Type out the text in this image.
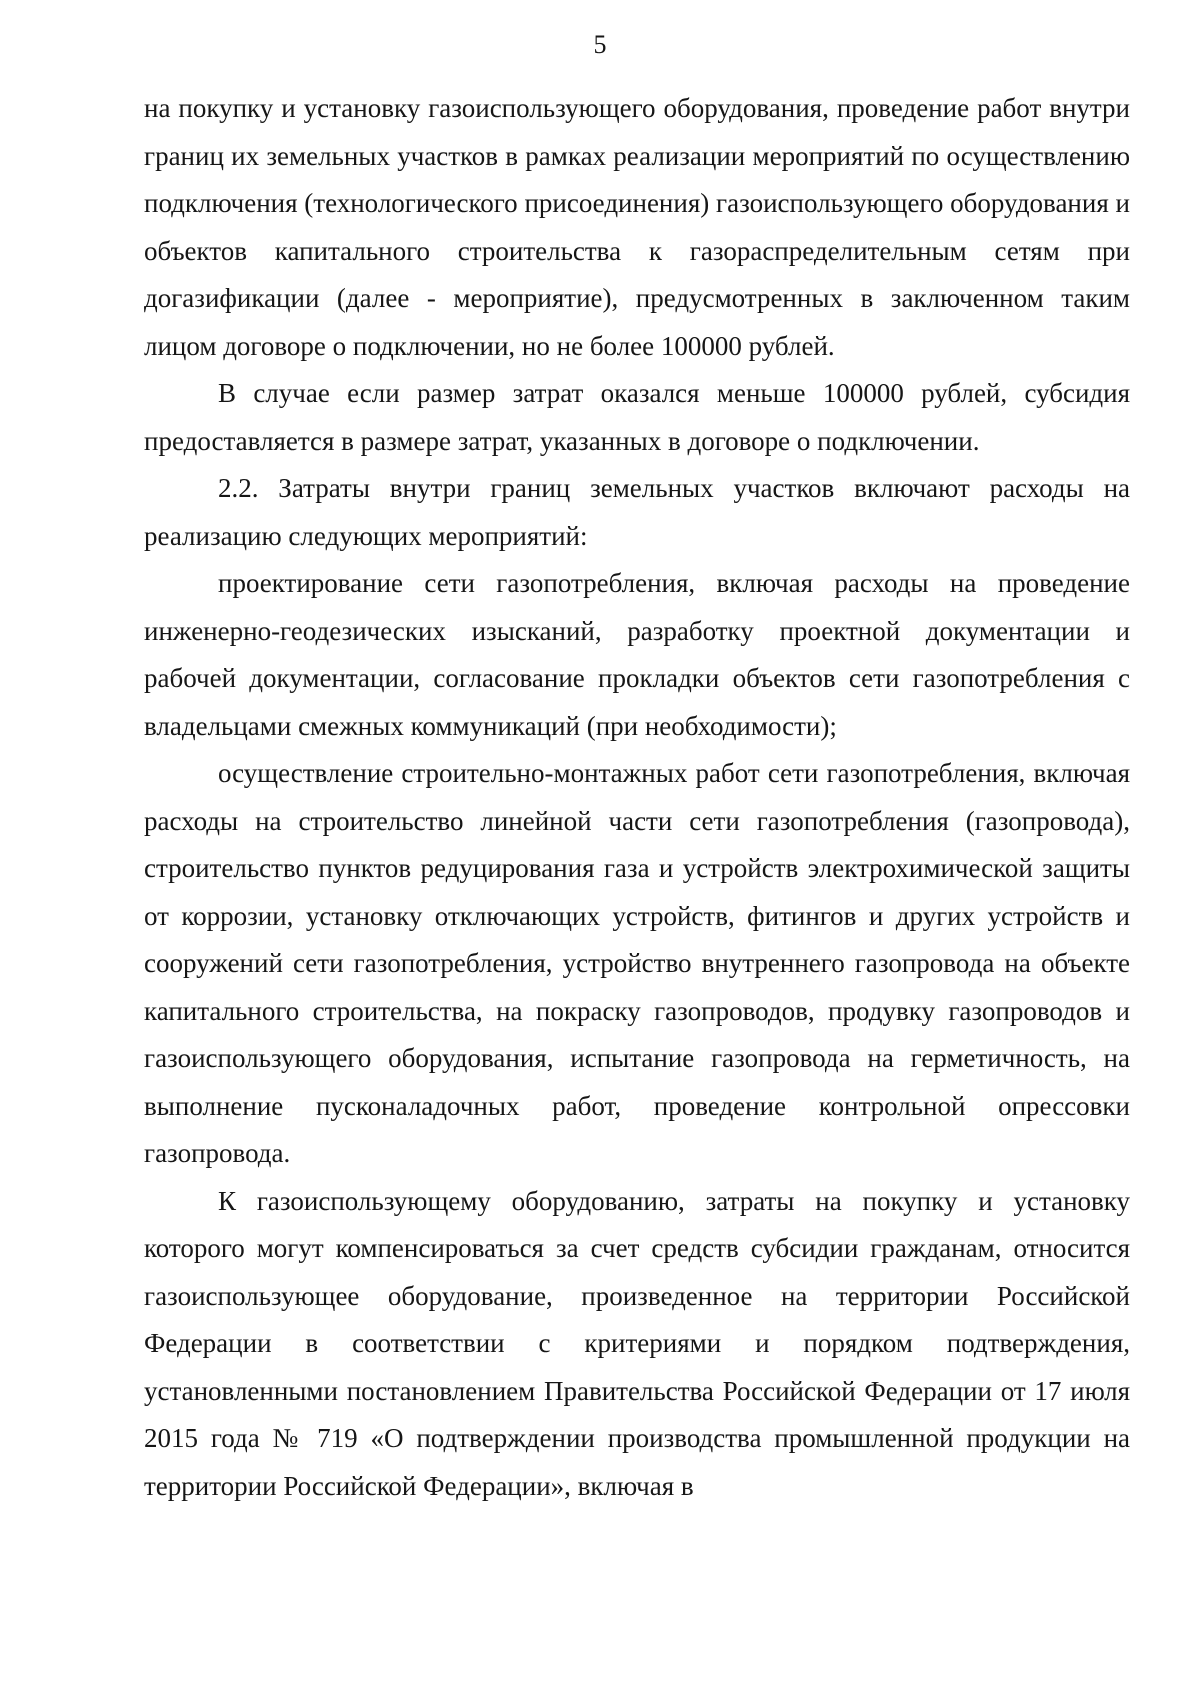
5

на покупку и установку газоиспользующего оборудования, проведение работ внутри границ их земельных участков в рамках реализации мероприятий по осуществлению подключения (технологического присоединения) газоиспользующего оборудования и объектов капитального строительства к газораспределительным сетям при догазификации (далее - мероприятие), предусмотренных в заключенном таким лицом договоре о подключении, но не более 100000 рублей.

В случае если размер затрат оказался меньше 100000 рублей, субсидия предоставляется в размере затрат, указанных в договоре о подключении.

2.2. Затраты внутри границ земельных участков включают расходы на реализацию следующих мероприятий:

проектирование сети газопотребления, включая расходы на проведение инженерно-геодезических изысканий, разработку проектной документации и рабочей документации, согласование прокладки объектов сети газопотребления с владельцами смежных коммуникаций (при необходимости);

осуществление строительно-монтажных работ сети газопотребления, включая расходы на строительство линейной части сети газопотребления (газопровода), строительство пунктов редуцирования газа и устройств электрохимической защиты от коррозии, установку отключающих устройств, фитингов и других устройств и сооружений сети газопотребления, устройство внутреннего газопровода на объекте капитального строительства, на покраску газопроводов, продувку газопроводов и газоиспользующего оборудования, испытание газопровода на герметичность, на выполнение пусконаладочных работ, проведение контрольной опрессовки газопровода.

К газоиспользующему оборудованию, затраты на покупку и установку которого могут компенсироваться за счет средств субсидии гражданам, относится газоиспользующее оборудование, произведенное на территории Российской Федерации в соответствии с критериями и порядком подтверждения, установленными постановлением Правительства Российской Федерации от 17 июля 2015 года № 719 «О подтверждении производства промышленной продукции на территории Российской Федерации», включая в
